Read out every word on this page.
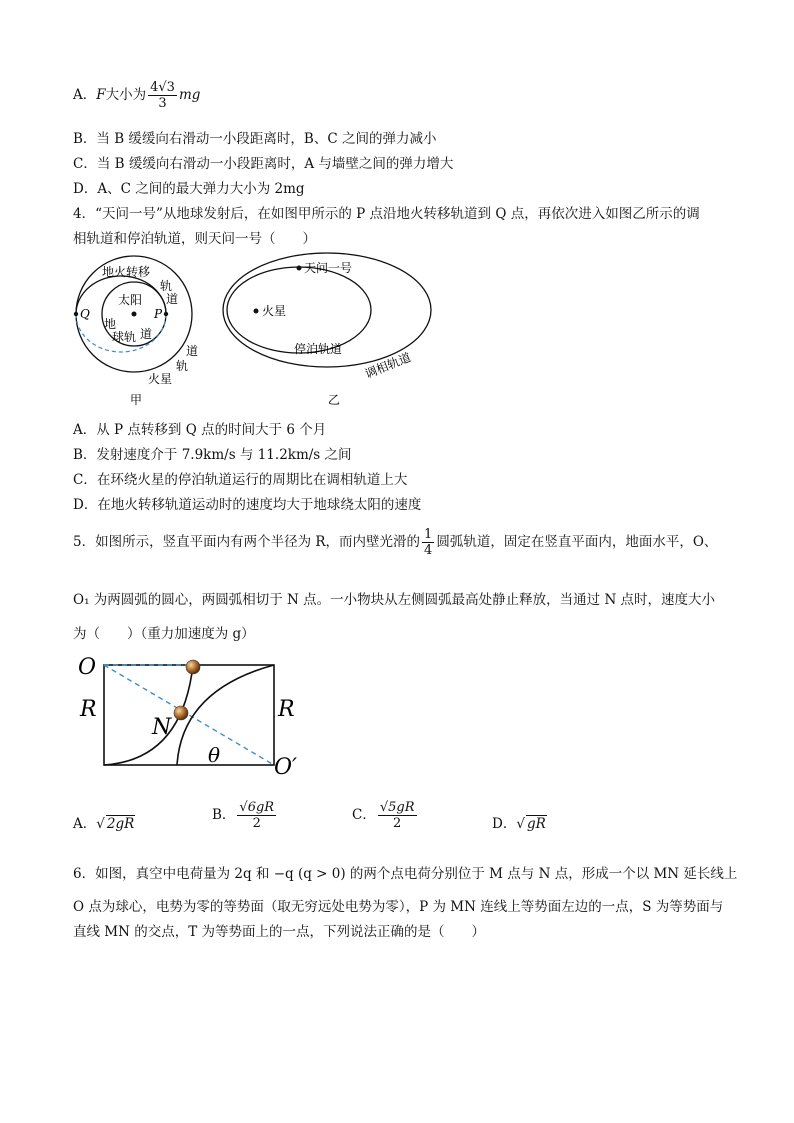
A．F大小为 $\frac{4√3}{3}$ mg
B．当 B 缓缓向右滑动一小段距离时，B、C 之间的弹力减小
C．当 B 缓缓向右滑动一小段距离时，A 与墙壁之间的弹力增大
D．A、C 之间的最大弹力大小为 2mg
4．“天问一号”从地球发射后，在如图甲所示的 P 点沿地火转移轨道到 Q 点，再依次进入如图乙所示的调
相轨道和停泊轨道，则天问一号（　　）
Q	P
太阳
地火转移
轨
道
地
球轨 道
火星
轨
道
甲
天问一号
火星
停泊轨道
调相轨道
乙
A．从 P 点转移到 Q 点的时间大于 6 个月
B．发射速度介于 7.9km/s 与 11.2km/s 之间
C．在环绕火星的停泊轨道运行的周期比在调相轨道上大
D．在地火转移轨道运动时的速度均大于地球绕太阳的速度
5．如图所示，竖直平面内有两个半径为 R，而内壁光滑的 $\frac{1}{4}$ 圆弧轨道，固定在竖直平面内，地面水平，O、
O₁ 为两圆弧的圆心，两圆弧相切于 N 点。一小物块从左侧圆弧最高处静止释放，当通过 N 点时，速度大小
为（　　）（重力加速度为 g）
O
R	R
N
θ O′
A．√ 2gR
B． $\frac{√6gR}{2}$	C． $\frac{√5gR}{2}$	D．√ gR
6．如图，真空中电荷量为 2q 和 −q (q > 0) 的两个点电荷分别位于 M 点与 N 点，形成一个以 MN 延长线上
O 点为球心，电势为零的等势面（取无穷远处电势为零），P 为 MN 连线上等势面左边的一点，S 为等势面与
直线 MN 的交点，T 为等势面上的一点，下列说法正确的是（　　）
